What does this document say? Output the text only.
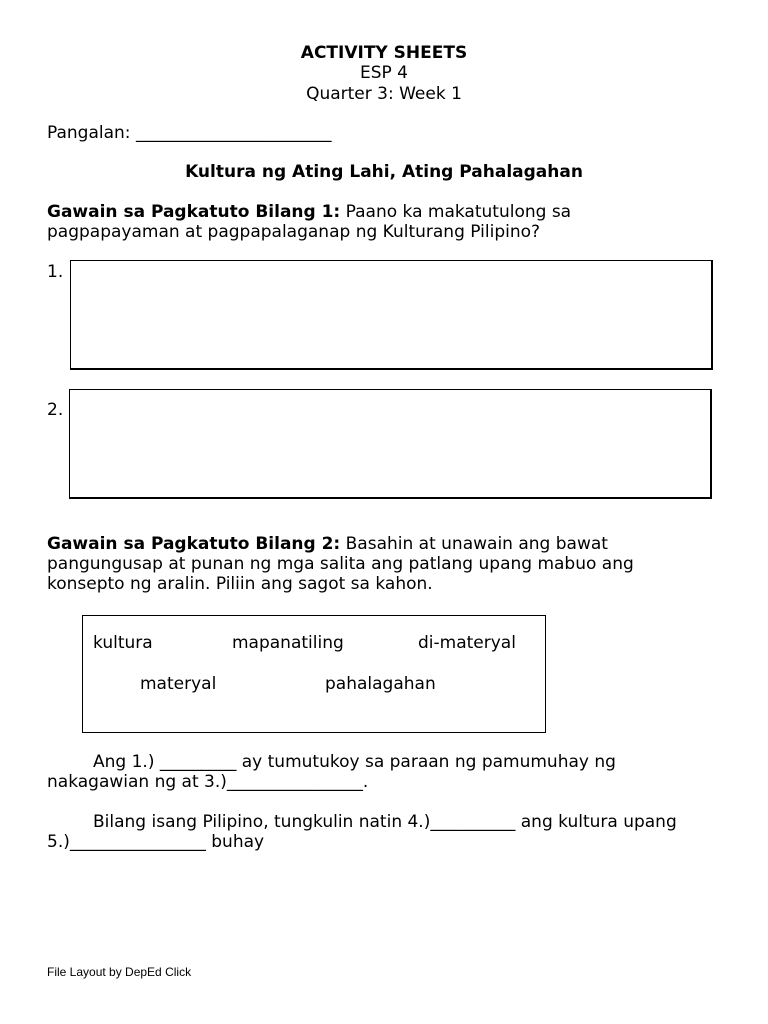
ACTIVITY SHEETS
ESP 4
Quarter 3: Week 1
Pangalan: _______________________
Kultura ng Ating Lahi, Ating Pahalagahan
Gawain sa Pagkatuto Bilang 1: Paano ka makatutulong sa
pagpapayaman at pagpapalaganap ng Kulturang Pilipino?
1.
2.
Gawain sa Pagkatuto Bilang 2: Basahin at unawain ang bawat
pangungusap at punan ng mga salita ang patlang upang mabuo ang
konsepto ng aralin. Piliin ang sagot sa kahon.
kultura	mapanatiling	di-materyal
materyal	pahalagahan
Ang 1.) _________ ay tumutukoy sa paraan ng pamumuhay ng
nakagawian ng at 3.)________________.
Bilang isang Pilipino, tungkulin natin 4.)__________ ang kultura upang
5.)________________ buhay
File Layout by DepEd Click
